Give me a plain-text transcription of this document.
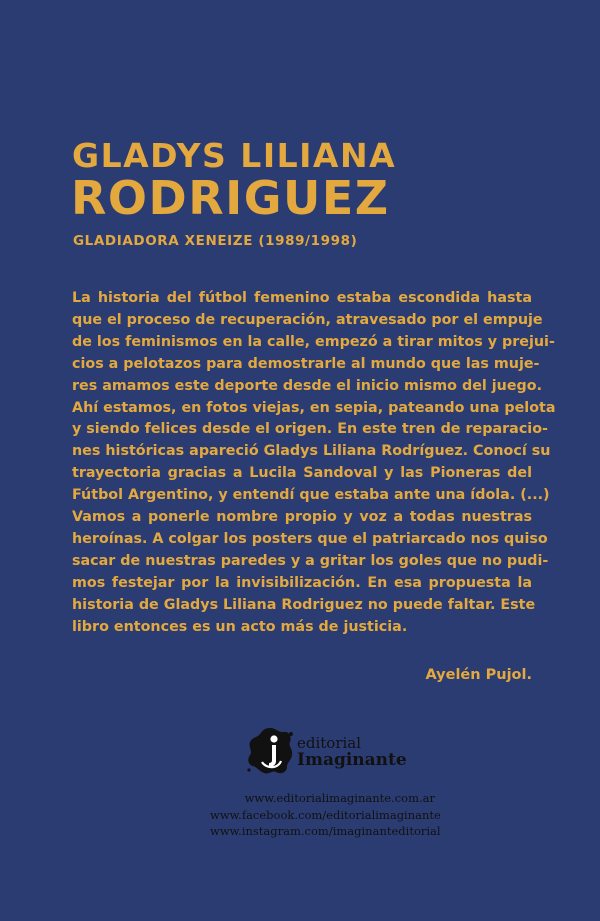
GLADYS LILIANA
RODRIGUEZ
GLADIADORA XENEIZE (1989/1998)
La historia del fútbol femenino estaba escondida hasta
que el proceso de recuperación, atravesado por el empuje
de los feminismos en la calle, empezó a tirar mitos y prejui-
cios a pelotazos para demostrarle al mundo que las muje-
res amamos este deporte desde el inicio mismo del juego.
Ahí estamos, en fotos viejas, en sepia, pateando una pelota
y siendo felices desde el origen. En este tren de reparacio-
nes históricas apareció Gladys Liliana Rodríguez. Conocí su
trayectoria gracias a Lucila Sandoval y las Pioneras del
Fútbol Argentino, y entendí que estaba ante una ídola. (...)
Vamos a ponerle nombre propio y voz a todas nuestras
heroínas. A colgar los posters que el patriarcado nos quiso
sacar de nuestras paredes y a gritar los goles que no pudi-
mos festejar por la invisibilización. En esa propuesta la
historia de Gladys Liliana Rodriguez no puede faltar. Este
libro entonces es un acto más de justicia.
Ayelén Pujol.
editorial
Imaginante
www.editorialimaginante.com.ar
www.facebook.com/editorialimaginante
www.instagram.com/imaginanteditorial
